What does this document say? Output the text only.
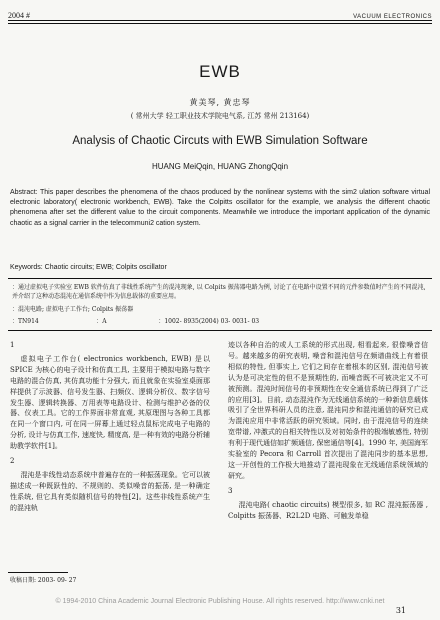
2004 #	VACUUM ELECTRONICS
EWB
黄美琴, 黄忠琴
( 常州大学 轻工职业技术学院电气系, 江苏 常州 213164)
Analysis of Chaotic Circuts with EWB Simulation Software
HUANG MeiQqin, HUANG ZhongQqin
Abstract: This paper describes the phenomena of the chaos produced by the nonlinear systems with the sim2 ulation software virtual electronic laboratory( electronic workbench, EWB). Take the Colpitts oscillator for the example, we analysis the different chaotic phenomena after set the different value to the circuit components. Meanwhile we introduce the important application of the dynamic chaotic as a signal carrier in the telecommuni2 cation system.
Keywords: Chaotic circuits; EWB; Colpits oscillator
：通过虚拟电子实验室 EWB 软件仿真了非线性系统产生的混沌现象, 以 Colpits 振荡器电路为例, 讨论了在电路中设置不同的元件参数值时产生的不同混沌, 并介绍了这种动态混沌在通信系统中作为信息载体的重要应用。
：混沌电路; 虚拟电子工作台; Colpits 振荡器
：TN914	：A	：1002- 8935(2004) 03- 0031- 03

1

虚拟电子工作台( electronics workbench, EWB) 是以 SPICE 为核心的电子设计和仿真工具, 主要用于模拟电路与数字电路的混合仿真, 其仿真功能十分强大, 而且就象在实验室桌面那样提供了示波器、信号发生器、扫频仪、逻辑分析仪、数字信号发生器、逻辑转换器、万用表等电路设计、检测与维护必备的仪器、仪表工具。它的工作界面非常直观, 其原理图与各种工具都在同一个窗口内, 可在同一屏幕上通过轻点鼠标完成电子电路的分析, 设计与仿真工作, 速度快, 精度高, 是一种有效的电路分析辅助教学软件[1]。

2

混沌是非线性动态系统中普遍存在的一种振荡现象。它可以被描述成一种既跃性的、不规则的、类似噪音的振荡, 是一种确定性系统, 但它具有类似随机信号的特性[2]。这些非线性系统产生的混沌轨

迹以各种自治的或人工系统的形式出现, 相看起来, 很像噪音信号。越来越多的研究表明, 噪音和混沌信号在频谱曲线上有着很相似的特性, 但事实上, 它们之间存在着根本的区别, 混沌信号被认为是可决定性的但不是预期性的, 而噪音既不可被决定又不可被预测。混沌时间信号的非预期性在安全通信系统已得到了广泛的应用[3]。目前, 动态混沌作为无线通信系统的一种新信息载体吸引了全世界科研人员的注意, 混沌同步和混沌通信的研究已成为混沌应用中非常活跃的研究领域。同时, 由于混沌信号的连续宽带谱, 冲激式的自相关特性以及对初始条件的极端敏感性, 特别有利于现代通信如扩频通信, 保密通信等[4]。1990 年, 美国海军实验室的 Pecora 和 Carroll 首次提出了混沌同步的基本思想, 这一开创性的工作极大地推动了混沌现象在无线通信系统领域的研究。

3

混沌电路( chaotic circuits) 模型很多, 如 RC 混沌振荡器 , Colpitts 振荡器、R2L2D 电路、可触发单稳

收稿日期: 2003- 09- 27
© 1994-2010 China Academic Journal Electronic Publishing House. All rights reserved. http://www.cnki.net
31
